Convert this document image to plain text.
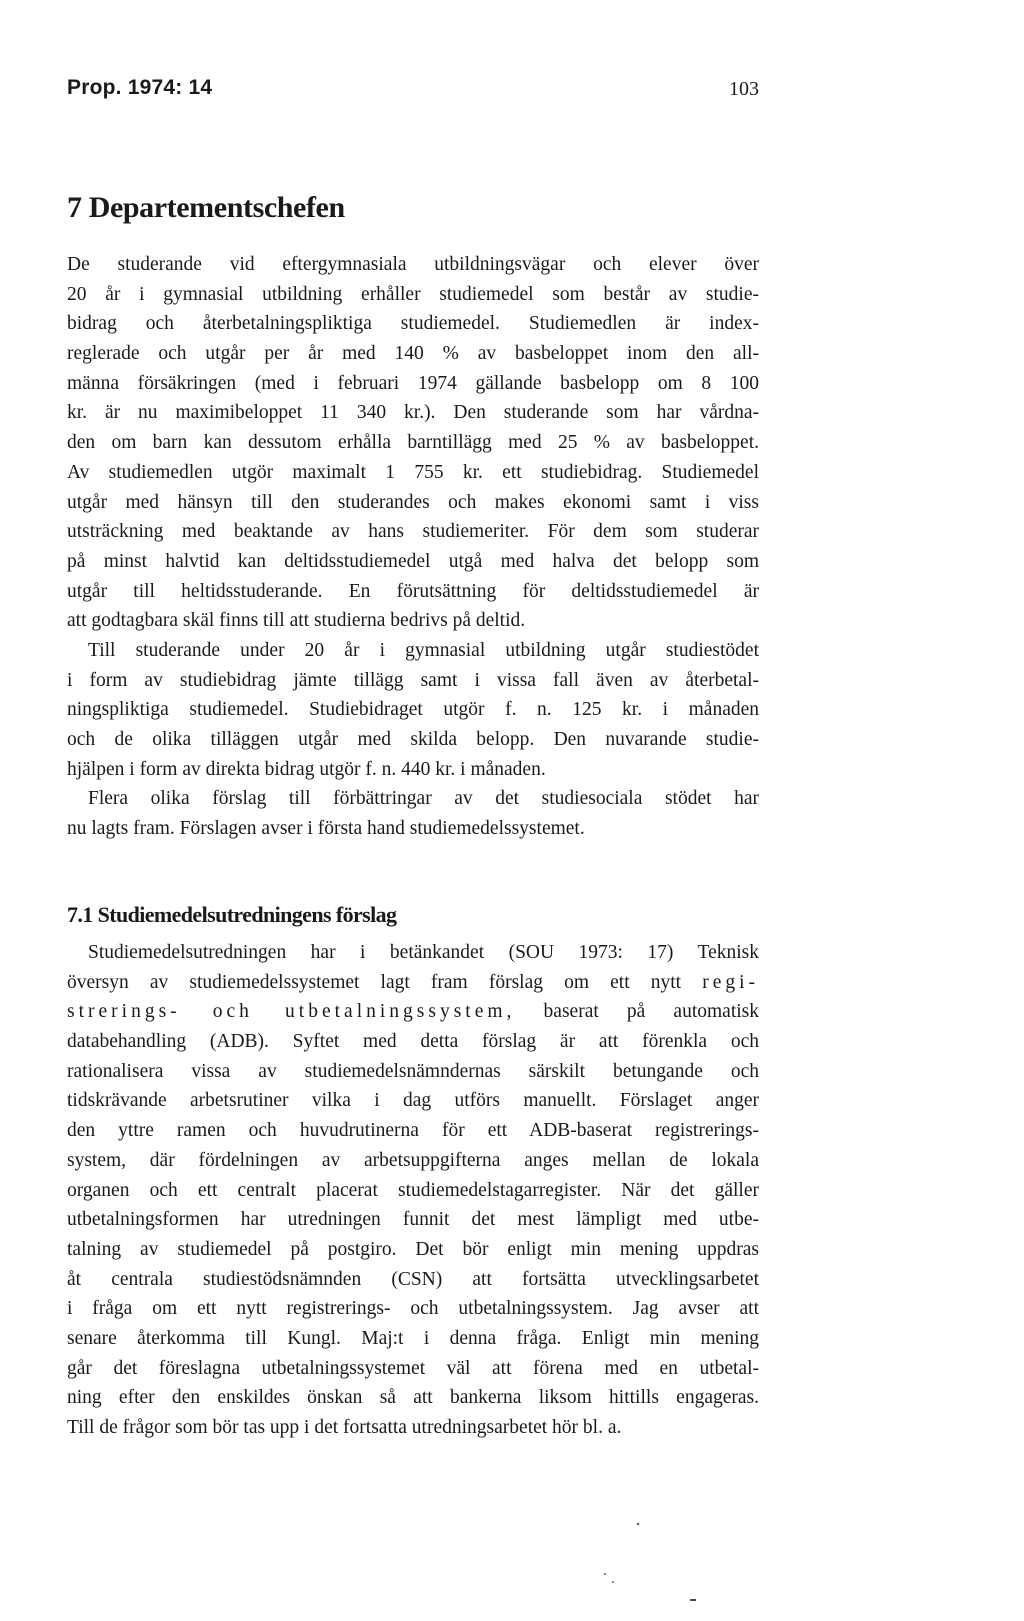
Prop. 1974: 14	103
7 Departementschefen
De studerande vid eftergymnasiala utbildningsvägar och elever över
20 år i gymnasial utbildning erhåller studiemedel som består av studie-
bidrag och återbetalningspliktiga studiemedel. Studiemedlen är index-
reglerade och utgår per år med 140 % av basbeloppet inom den all-
männa försäkringen (med i februari 1974 gällande basbelopp om 8 100
kr. är nu maximibeloppet 11 340 kr.). Den studerande som har vårdna-
den om barn kan dessutom erhålla barntillägg med 25 % av basbeloppet.
Av studiemedlen utgör maximalt 1 755 kr. ett studiebidrag. Studiemedel
utgår med hänsyn till den studerandes och makes ekonomi samt i viss
utsträckning med beaktande av hans studiemeriter. För dem som studerar
på minst halvtid kan deltidsstudiemedel utgå med halva det belopp som
utgår till heltidsstuderande. En förutsättning för deltidsstudiemedel är
att godtagbara skäl finns till att studierna bedrivs på deltid.
Till studerande under 20 år i gymnasial utbildning utgår studiestödet
i form av studiebidrag jämte tillägg samt i vissa fall även av återbetal-
ningspliktiga studiemedel. Studiebidraget utgör f. n. 125 kr. i månaden
och de olika tilläggen utgår med skilda belopp. Den nuvarande studie-
hjälpen i form av direkta bidrag utgör f. n. 440 kr. i månaden.
Flera olika förslag till förbättringar av det studiesociala stödet har
nu lagts fram. Förslagen avser i första hand studiemedelssystemet.
7.1 Studiemedelsutredningens förslag
Studiemedelsutredningen har i betänkandet (SOU 1973: 17) Teknisk
översyn av studiemedelssystemet lagt fram förslag om ett nytt regi-
strerings- och utbetalningssystem, baserat på automatisk
databehandling (ADB). Syftet med detta förslag är att förenkla och
rationalisera vissa av studiemedelsnämndernas särskilt betungande och
tidskrävande arbetsrutiner vilka i dag utförs manuellt. Förslaget anger
den yttre ramen och huvudrutinerna för ett ADB-baserat registrerings-
system, där fördelningen av arbetsuppgifterna anges mellan de lokala
organen och ett centralt placerat studiemedelstagarregister. När det gäller
utbetalningsformen har utredningen funnit det mest lämpligt med utbe-
talning av studiemedel på postgiro. Det bör enligt min mening uppdras
åt centrala studiestödsnämnden (CSN) att fortsätta utvecklingsarbetet
i fråga om ett nytt registrerings- och utbetalningssystem. Jag avser att
senare återkomma till Kungl. Maj:t i denna fråga. Enligt min mening
går det föreslagna utbetalningssystemet väl att förena med en utbetal-
ning efter den enskildes önskan så att bankerna liksom hittills engageras.
Till de frågor som bör tas upp i det fortsatta utredningsarbetet hör bl. a.
